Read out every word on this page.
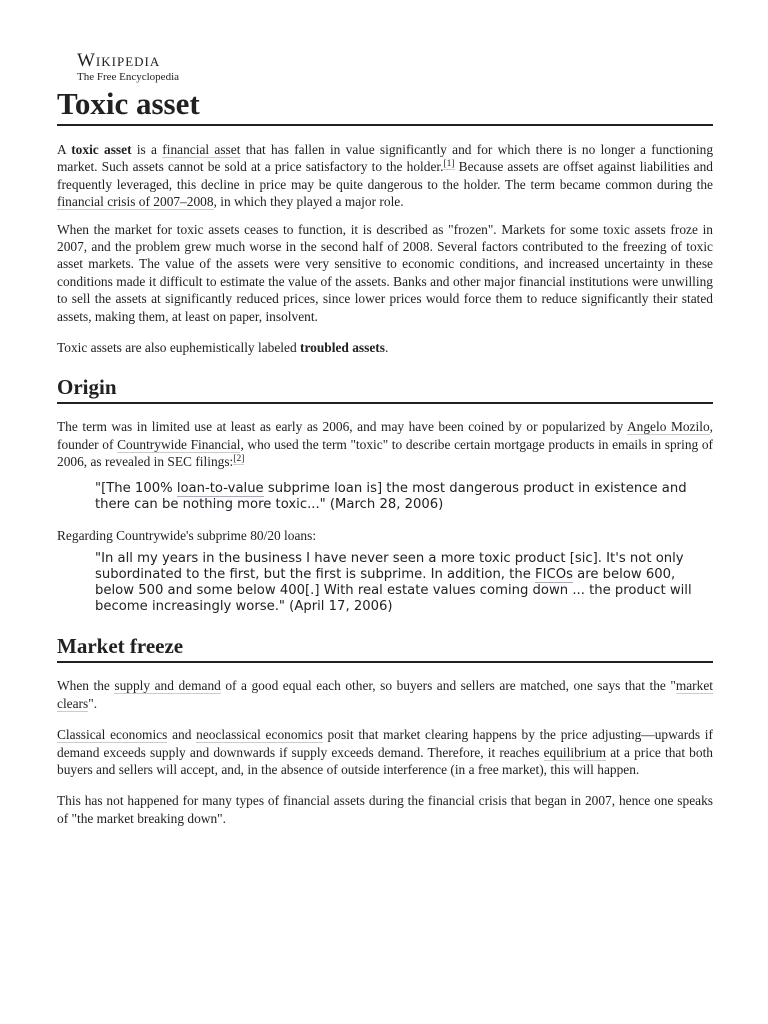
Wikipedia
The Free Encyclopedia
Toxic asset

A toxic asset is a financial asset that has fallen in value significantly and for which there is no longer a functioning market. Such assets cannot be sold at a price satisfactory to the holder.[1] Because assets are offset against liabilities and frequently leveraged, this decline in price may be quite dangerous to the holder. The term became common during the financial crisis of 2007–2008, in which they played a major role.

When the market for toxic assets ceases to function, it is described as "frozen". Markets for some toxic assets froze in 2007, and the problem grew much worse in the second half of 2008. Several factors contributed to the freezing of toxic asset markets. The value of the assets were very sensitive to economic conditions, and increased uncertainty in these conditions made it difficult to estimate the value of the assets. Banks and other major financial institutions were unwilling to sell the assets at significantly reduced prices, since lower prices would force them to reduce significantly their stated assets, making them, at least on paper, insolvent.

Toxic assets are also euphemistically labeled troubled assets.

Origin

The term was in limited use at least as early as 2006, and may have been coined by or popularized by Angelo Mozilo, founder of Countrywide Financial, who used the term "toxic" to describe certain mortgage products in emails in spring of 2006, as revealed in SEC filings:[2]

"[The 100% loan-to-value subprime loan is] the most dangerous product in existence and there can be nothing more toxic..." (March 28, 2006)

Regarding Countrywide's subprime 80/20 loans:

"In all my years in the business I have never seen a more toxic product [sic]. It's not only subordinated to the first, but the first is subprime. In addition, the FICOs are below 600, below 500 and some below 400[.] With real estate values coming down ... the product will become increasingly worse." (April 17, 2006)
Market freeze

When the supply and demand of a good equal each other, so buyers and sellers are matched, one says that the "market clears".

Classical economics and neoclassical economics posit that market clearing happens by the price adjusting—upwards if demand exceeds supply and downwards if supply exceeds demand. Therefore, it reaches equilibrium at a price that both buyers and sellers will accept, and, in the absence of outside interference (in a free market), this will happen.

This has not happened for many types of financial assets during the financial crisis that began in 2007, hence one speaks of "the market breaking down".
